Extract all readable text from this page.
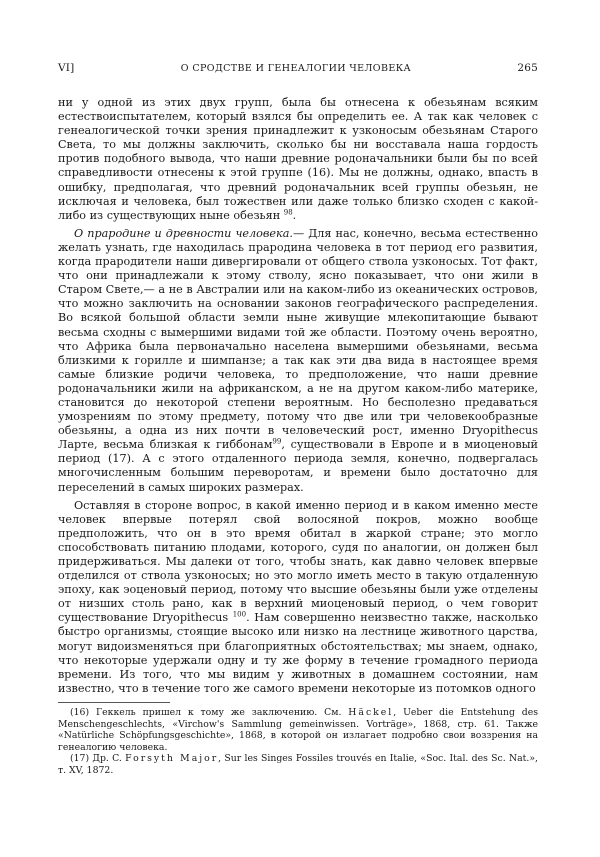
VI]	О СРОДСТВЕ И ГЕНЕАЛОГИИ ЧЕЛОВЕКА	265

ни у одной из этих двух групп, была бы отнесена к обезьянам всяким естествоиспытателем, который взялся бы определить ее. А так как человек с генеалогической точки зрения принадлежит к узконосым обезьянам Старого Света, то мы должны заключить, сколько бы ни восставала наша гордость против подобного вывода, что наши древние родоначальники были бы по всей справедливости отнесены к этой группе (16). Мы не должны, однако, впасть в ошибку, предполагая, что древний родоначальник всей группы обезьян, не исключая и человека, был тожествен или даже только близко сходен с какой-либо из существующих ныне обезьян $^{98}$.

О прародине и древности человека.— Для нас, конечно, весьма естественно желать узнать, где находилась прародина человека в тот период его развития, когда прародители наши дивергировали от общего ствола узконосых. Тот факт, что они принадлежали к этому стволу, ясно показывает, что они жили в Старом Свете,— а не в Австралии или на каком-либо из океанических островов, что можно заключить на основании законов географического распределения. Во всякой большой области земли ныне живущие млекопитающие бывают весьма сходны с вымершими видами той же области. Поэтому очень вероятно, что Африка была первоначально населена вымершими обезьянами, весьма близкими к горилле и шимпанзе; а так как эти два вида в настоящее время самые близкие родичи человека, то предположение, что наши древние родоначальники жили на африканском, а не на другом каком-либо материке, становится до некоторой степени вероятным. Но бесполезно предаваться умозрениям по этому предмету, потому что две или три человекообразные обезьяны, а одна из них почти в человеческий рост, именно Dryopithecus Ларте, весьма близкая к гиббонам$^{99}$, существовали в Европе и в миоценовый период (17). А с этого отдаленного периода земля, конечно, подвергалась многочисленным большим переворотам, и времени было достаточно для переселений в самых широких размерах.

Оставляя в стороне вопрос, в какой именно период и в каком именно месте человек впервые потерял свой волосяной покров, можно вообще предположить, что он в это время обитал в жаркой стране; это могло способствовать питанию плодами, которого, судя по аналогии, он должен был придерживаться. Мы далеки от того, чтобы знать, как давно человек впервые отделился от ствола узконосых; но это могло иметь место в такую отдаленную эпоху, как эоценовый период, потому что высшие обезьяны были уже отделены от низших столь рано, как в верхний миоценовый период, о чем говорит существование Dryopithecus $^{100}$. Нам совершенно неизвестно также, насколько быстро организмы, стоящие высоко или низко на лестнице животного царства, могут видоизменяться при благоприятных обстоятельствах; мы знаем, однако, что некоторые удержали одну и ту же форму в течение громадного периода времени. Из того, что мы видим у животных в домашнем состоянии, нам известно, что в течение того же самого времени некоторые из потомков одного

(16) Геккель пришел к тому же заключению. См. Häckel, Ueber die Entstehung des Menschengeschlechts, «Virchow's Sammlung gemeinwissen. Vorträge», 1868, стр. 61. Также «Natürliche Schöpfungsgeschichte», 1868, в которой он излагает подробно свои воззрения на генеалогию человека.

(17) Др. C. Forsyth Major, Sur les Singes Fossiles trouvés en Italie, «Soc. Ital. des Sc. Nat.», т. XV, 1872.
